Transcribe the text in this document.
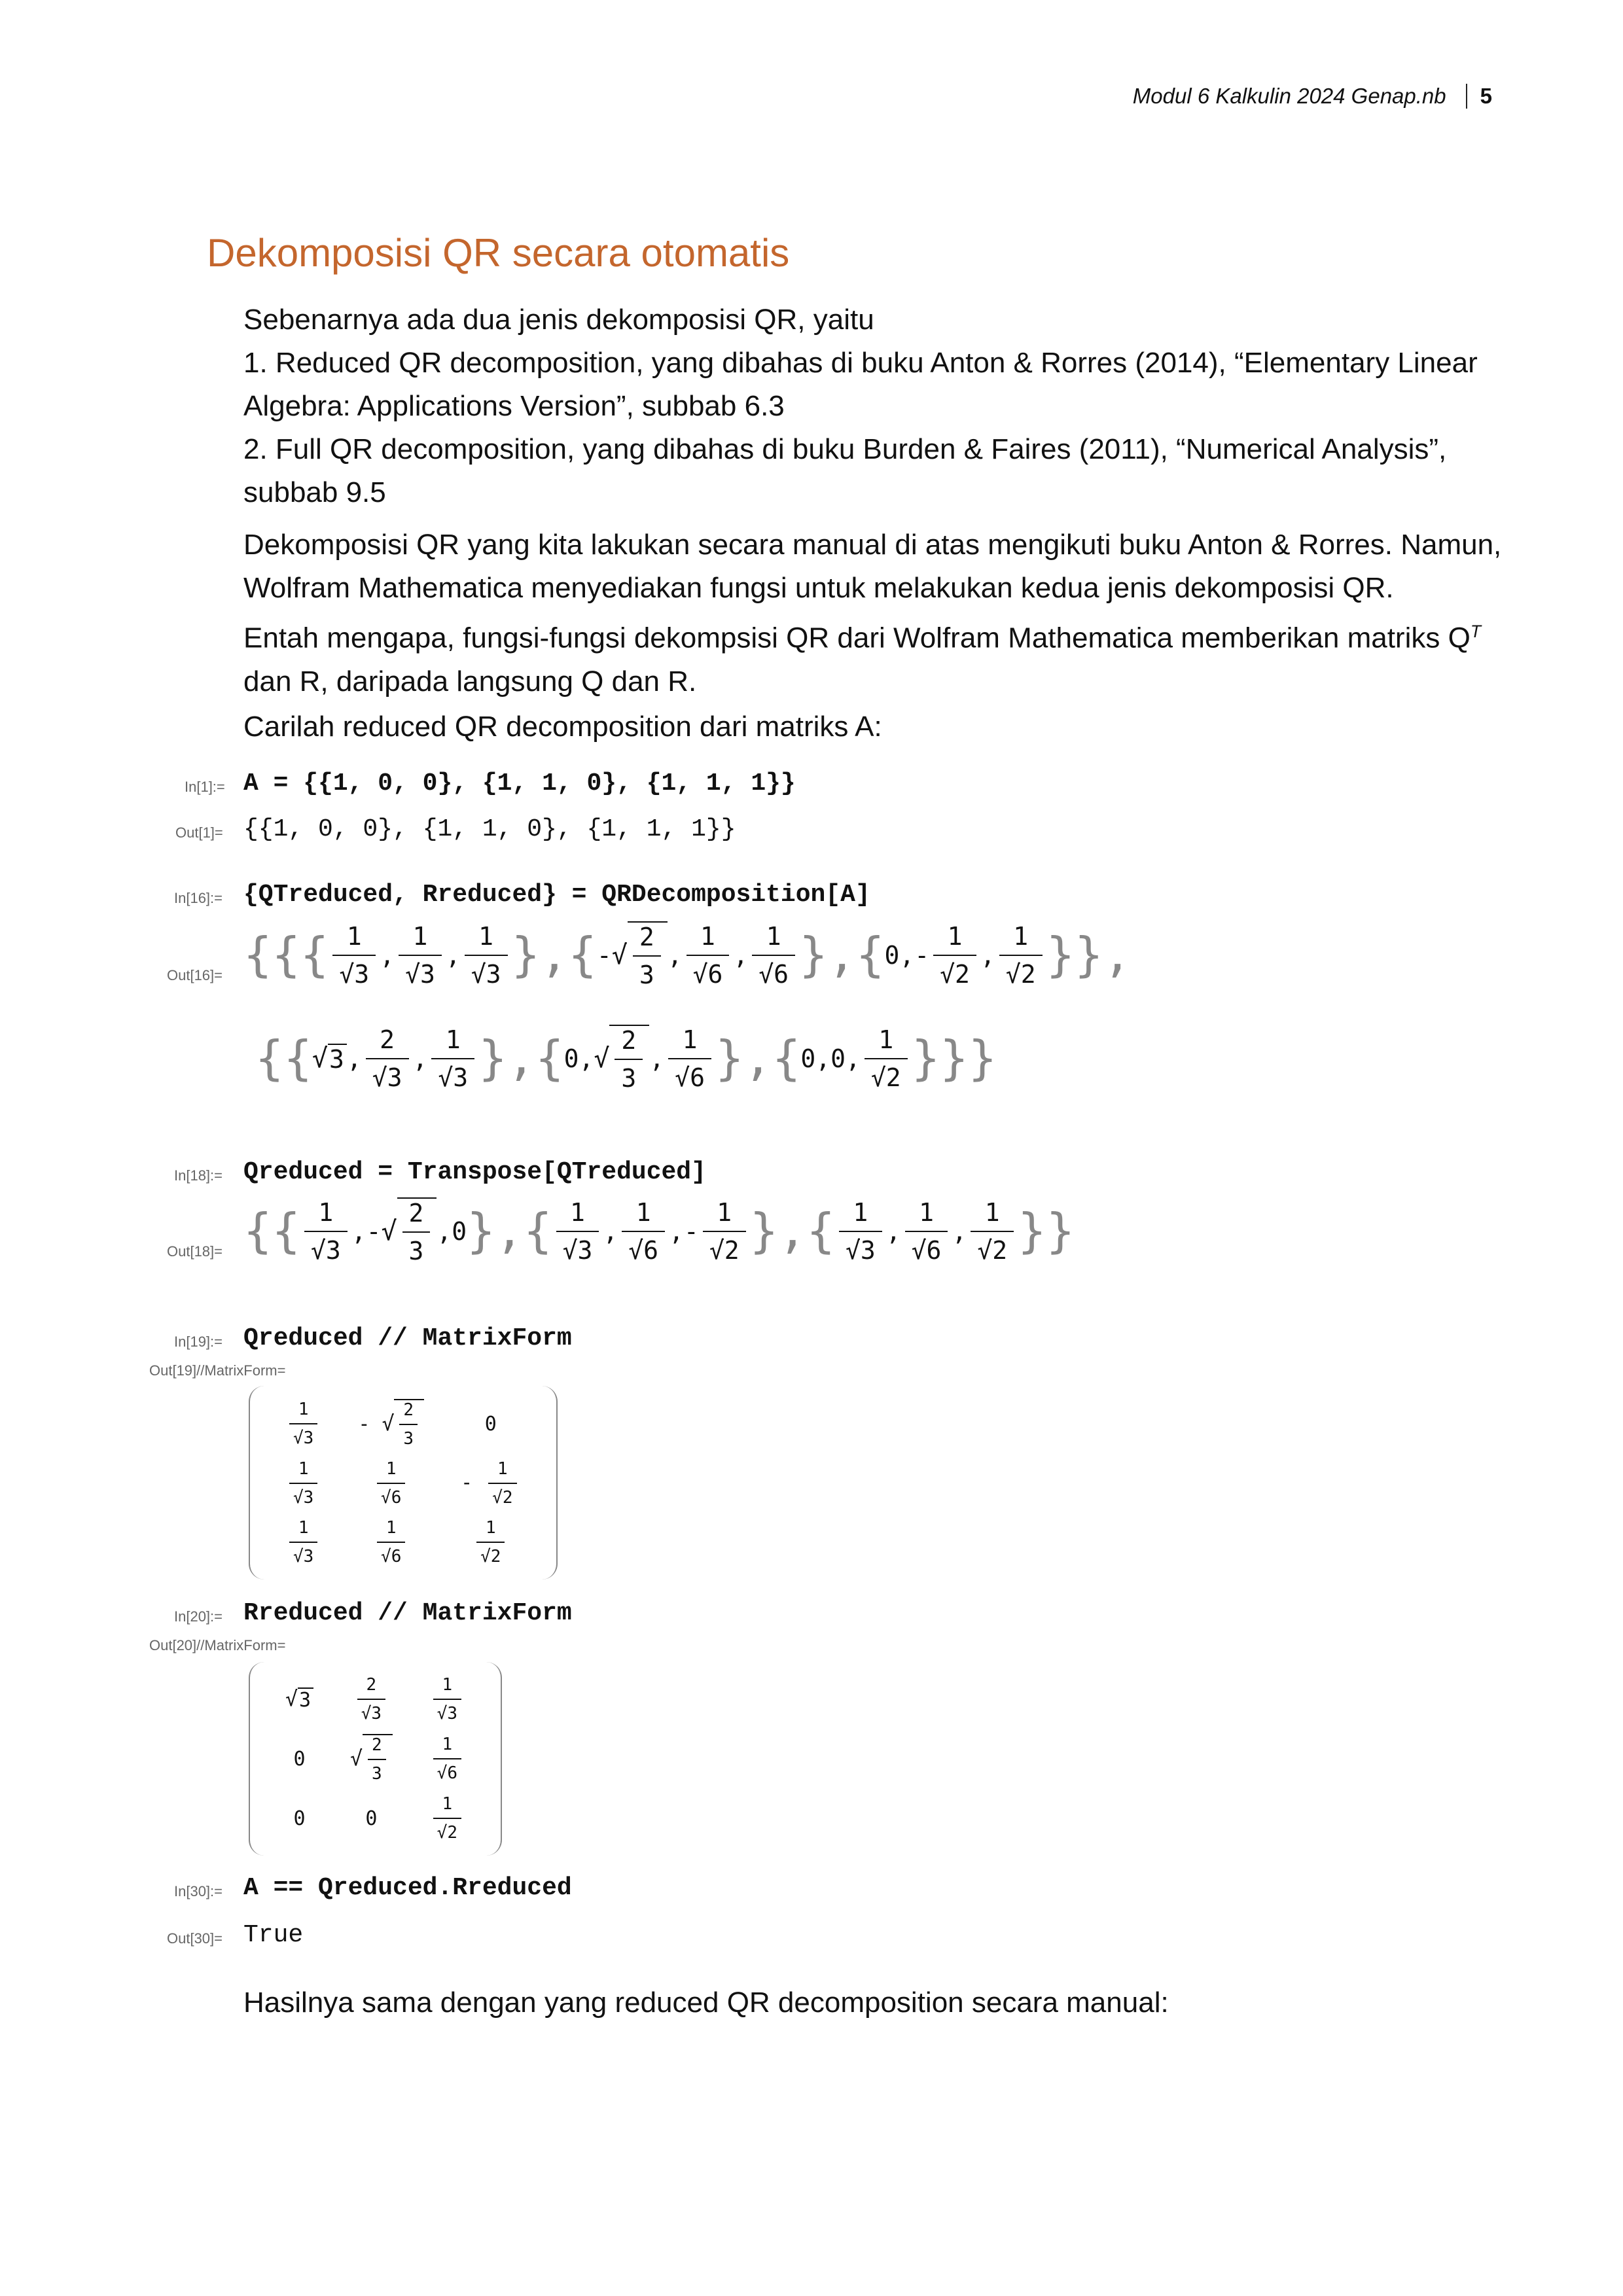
Modul 6 Kalkulin 2024 Genap.nb 5
Dekomposisi QR secara otomatis
Sebenarnya ada dua jenis dekomposisi QR, yaitu
1. Reduced QR decomposition, yang dibahas di buku Anton & Rorres (2014), “Elementary Linear
Algebra: Applications Version”, subbab 6.3
2. Full QR decomposition, yang dibahas di buku Burden & Faires (2011), “Numerical Analysis”,
subbab 9.5
Dekomposisi QR yang kita lakukan secara manual di atas mengikuti buku Anton & Rorres. Namun,
Wolfram Mathematica menyediakan fungsi untuk melakukan kedua jenis dekomposisi QR.
Entah mengapa, fungsi-fungsi dekompsisi QR dari Wolfram Mathematica memberikan matriks $Q^T$
dan R, daripada langsung Q dan R.
Carilah reduced QR decomposition dari matriks A:
In[1]:= A = {{1, 0, 0}, {1, 1, 0}, {1, 1, 1}}
Out[1]= {{1, 0, 0}, {1, 1, 0}, {1, 1, 1}}
In[16]:= {QTreduced, Rreduced} = QRDecomposition[A]
Out[16]= {{{ 1
√3
,
1
√3
,
1
√3 },{ - √ $\frac{2}{3}$ ,
1
√6
,
1
√6 },{ 0 , -
1
√2
,
1
√2 }},
{{ √ 3 ,
2
√3
,
1
√3 },{ 0 , √ $\frac{2}{3}$ ,
1
√6 },{ 0 , 0 ,
1
√2 }}}
In[18]:= Qreduced = Transpose[QTreduced]
Out[18]= {{ 1
√3
, - √ $\frac{2}{3}$ , 0 },{ 1
√3
,
1
√6
, -
1
√2 },{ 1
√3
,
1
√6
,
1
√2 }}
In[19]:= Qreduced // MatrixForm
Out[19]//MatrixForm=
$\frac{1}{√3}$	- √ $\frac{2}{3}$	0

$\frac{1}{√3}$	$\frac{1}{√6}$	- $\frac{1}{√2}$

$\frac{1}{√3}$	$\frac{1}{√6}$	$\frac{1}{√2}$
In[20]:= Rreduced // MatrixForm
Out[20]//MatrixForm=
√ 3	$\frac{2}{√3}$	$\frac{1}{√3}$

0	√ $\frac{2}{3}$	$\frac{1}{√6}$

0	0	$\frac{1}{√2}$
In[30]:= A == Qreduced.Rreduced
Out[30]= True
Hasilnya sama dengan yang reduced QR decomposition secara manual:
